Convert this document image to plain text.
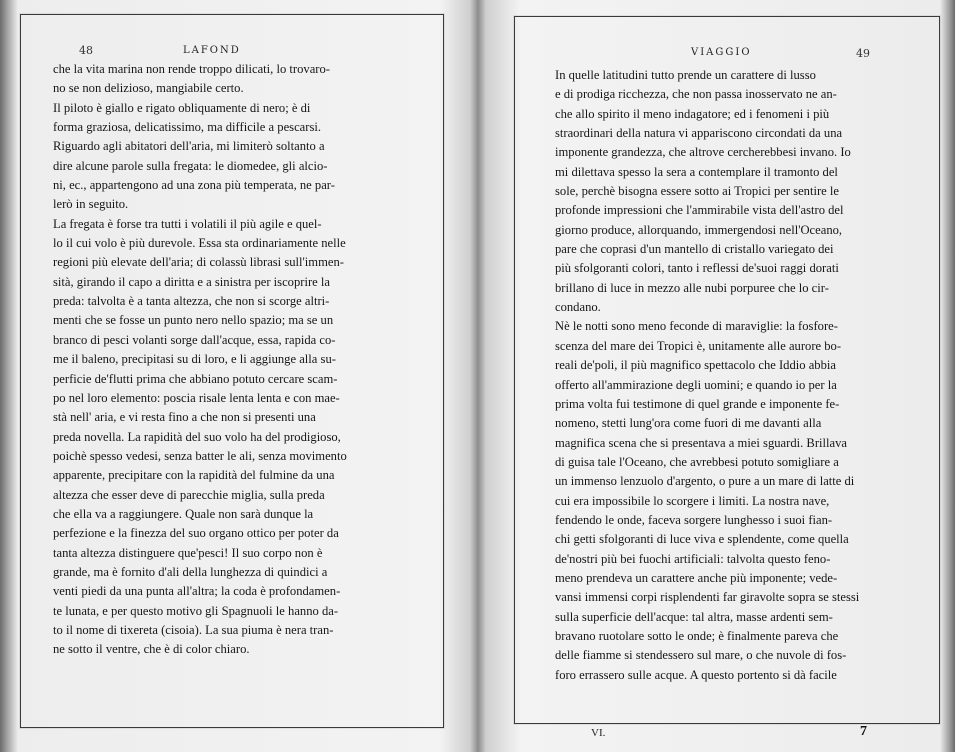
48	LAFOND
che la vita marina non rende troppo dilicati, lo trovaro-
no se non delizioso, mangiabile certo.
Il piloto è giallo e rigato obliquamente di nero; è di
forma graziosa, delicatissimo, ma difficile a pescarsi.
Riguardo agli abitatori dell'aria, mi limiterò soltanto a
dire alcune parole sulla fregata: le diomedee, gli alcio-
ni, ec., appartengono ad una zona più temperata, ne par-
lerò in seguito.
La fregata è forse tra tutti i volatili il più agile e quel-
lo il cui volo è più durevole. Essa sta ordinariamente nelle
regioni più elevate dell'aria; di colassù librasi sull'immen-
sità, girando il capo a diritta e a sinistra per iscoprire la
preda: talvolta è a tanta altezza, che non si scorge altri-
menti che se fosse un punto nero nello spazio; ma se un
branco di pesci volanti sorge dall'acque, essa, rapida co-
me il baleno, precipitasi su di loro, e li aggiunge alla su-
perficie de'flutti prima che abbiano potuto cercare scam-
po nel loro elemento: poscia risale lenta lenta e con mae-
stà nell' aria, e vi resta fino a che non si presenti una
preda novella. La rapidità del suo volo ha del prodigioso,
poichè spesso vedesi, senza batter le ali, senza movimento
apparente, precipitare con la rapidità del fulmine da una
altezza che esser deve di parecchie miglia, sulla preda
che ella va a raggiungere. Quale non sarà dunque la
perfezione e la finezza del suo organo ottico per poter da
tanta altezza distinguere que'pesci! Il suo corpo non è
grande, ma è fornito d'ali della lunghezza di quindici a
venti piedi da una punta all'altra; la coda è profondamen-
te lunata, e per questo motivo gli Spagnuoli le hanno da-
to il nome di tixereta (cisoia). La sua piuma è nera tran-
ne sotto il ventre, che è di color chiaro.
VIAGGIO	49
In quelle latitudini tutto prende un carattere di lusso
e di prodiga ricchezza, che non passa inosservato ne an-
che allo spirito il meno indagatore; ed i fenomeni i più
straordinari della natura vi appariscono circondati da una
imponente grandezza, che altrove cercherebbesi invano. Io
mi dilettava spesso la sera a contemplare il tramonto del
sole, perchè bisogna essere sotto ai Tropici per sentire le
profonde impressioni che l'ammirabile vista dell'astro del
giorno produce, allorquando, immergendosi nell'Oceano,
pare che coprasi d'un mantello di cristallo variegato dei
più sfolgoranti colori, tanto i reflessi de'suoi raggi dorati
brillano di luce in mezzo alle nubi porpuree che lo cir-
condano.
Nè le notti sono meno feconde di maraviglie: la fosfore-
scenza del mare dei Tropici è, unitamente alle aurore bo-
reali de'poli, il più magnifico spettacolo che Iddio abbia
offerto all'ammirazione degli uomini; e quando io per la
prima volta fui testimone di quel grande e imponente fe-
nomeno, stetti lung'ora come fuori di me davanti alla
magnifica scena che si presentava a miei sguardi. Brillava
di guisa tale l'Oceano, che avrebbesi potuto somigliare a
un immenso lenzuolo d'argento, o pure a un mare di latte di
cui era impossibile lo scorgere i limiti. La nostra nave,
fendendo le onde, faceva sorgere lunghesso i suoi fian-
chi getti sfolgoranti di luce viva e splendente, come quella
de'nostri più bei fuochi artificiali: talvolta questo feno-
meno prendeva un carattere anche più imponente; vede-
vansi immensi corpi risplendenti far giravolte sopra se stessi
sulla superficie dell'acque: tal altra, masse ardenti sem-
bravano ruotolare sotto le onde; è finalmente pareva che
delle fiamme si stendessero sul mare, o che nuvole di fos-
foro errassero sulle acque. A questo portento si dà facile
VI.	7
